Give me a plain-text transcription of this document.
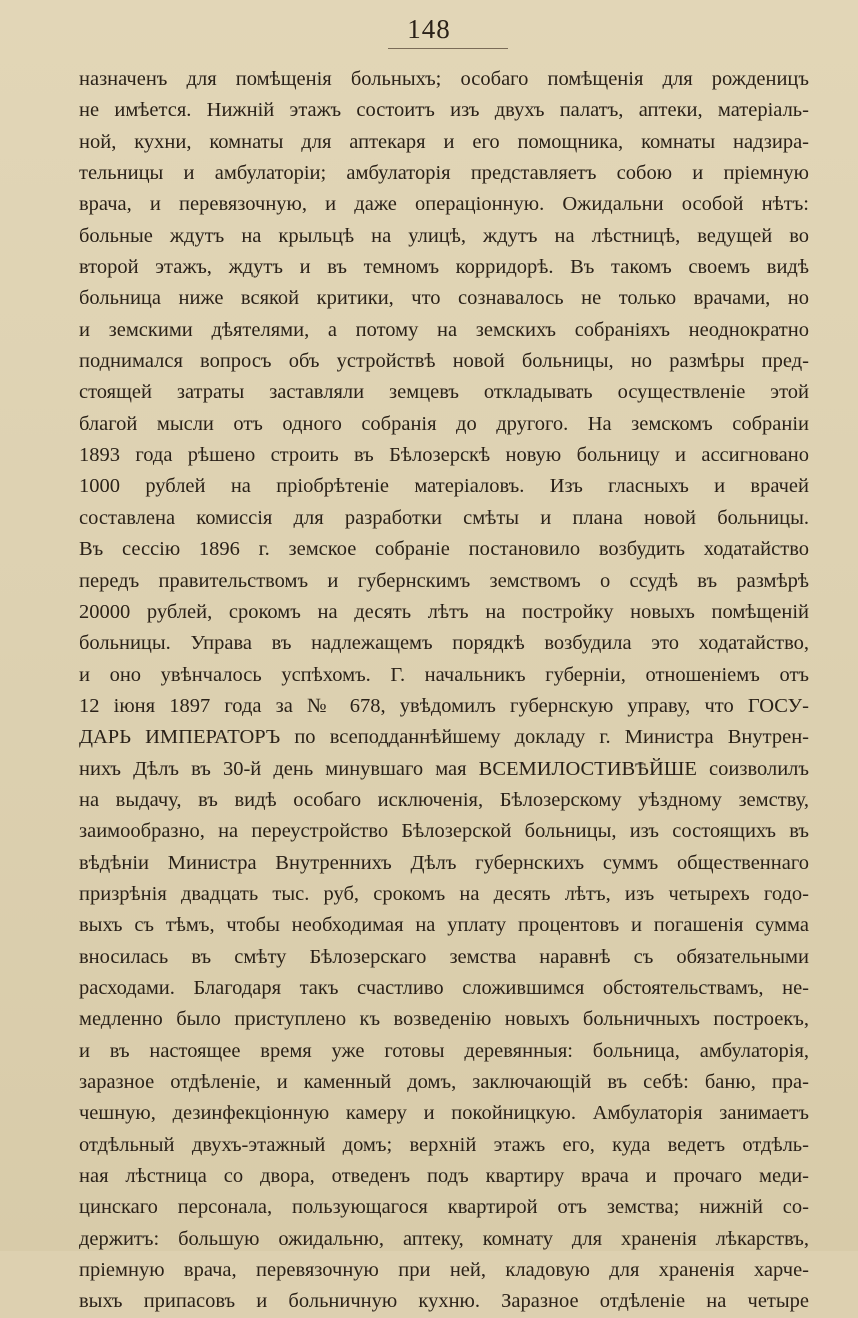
148
назначенъ для помѣщенія больныхъ; особаго помѣщенія для рожденицъ
не имѣется. Нижній этажъ состоитъ изъ двухъ палатъ, аптеки, матеріаль-
ной, кухни, комнаты для аптекаря и его помощника, комнаты надзира-
тельницы и амбулаторіи; амбулаторія представляетъ собою и пріемную
врача, и перевязочную, и даже операціонную. Ожидальни особой нѣтъ:
больные ждутъ на крыльцѣ на улицѣ, ждутъ на лѣстницѣ, ведущей во
второй этажъ, ждутъ и въ темномъ корридорѣ. Въ такомъ своемъ видѣ
больница ниже всякой критики, что сознавалось не только врачами, но
и земскими дѣятелями, а потому на земскихъ собраніяхъ неоднократно
поднимался вопросъ объ устройствѣ новой больницы, но размѣры пред-
стоящей затраты заставляли земцевъ откладывать осуществленіе этой
благой мысли отъ одного собранія до другого. На земскомъ собраніи
1893 года рѣшено строить въ Бѣлозерскѣ новую больницу и ассигновано
1000 рублей на пріобрѣтеніе матеріаловъ. Изъ гласныхъ и врачей
составлена комиссія для разработки смѣты и плана новой больницы.
Въ сессію 1896 г. земское собраніе постановило возбудить ходатайство
передъ правительствомъ и губернскимъ земствомъ о ссудѣ въ размѣрѣ
20000 рублей, срокомъ на десять лѣтъ на постройку новыхъ помѣщеній
больницы. Управа въ надлежащемъ порядкѣ возбудила это ходатайство,
и оно увѣнчалось успѣхомъ. Г. начальникъ губерніи, отношеніемъ отъ
12 іюня 1897 года за № 678, увѣдомилъ губернскую управу, что ГОСУ-
ДАРЬ ИМПЕРАТОРЪ по всеподданнѣйшему докладу г. Министра Внутрен-
нихъ Дѣлъ въ 30-й день минувшаго мая ВСЕМИЛОСТИВѢЙШЕ соизволилъ
на выдачу, въ видѣ особаго исключенія, Бѣлозерскому уѣздному земству,
заимообразно, на переустройство Бѣлозерской больницы, изъ состоящихъ въ
вѣдѣніи Министра Внутреннихъ Дѣлъ губернскихъ суммъ общественнаго
призрѣнія двадцать тыс. руб, срокомъ на десять лѣтъ, изъ четырехъ годо-
выхъ съ тѣмъ, чтобы необходимая на уплату процентовъ и погашенія сумма
вносилась въ смѣту Бѣлозерскаго земства наравнѣ съ обязательными
расходами. Благодаря такъ счастливо сложившимся обстоятельствамъ, не-
медленно было приступлено къ возведенію новыхъ больничныхъ построекъ,
и въ настоящее время уже готовы деревянныя: больница, амбулаторія,
заразное отдѣленіе, и каменный домъ, заключающій въ себѣ: баню, пра-
чешную, дезинфекціонную камеру и покойницкую. Амбулаторія занимаетъ
отдѣльный двухъ-этажный домъ; верхній этажъ его, куда ведетъ отдѣль-
ная лѣстница со двора, отведенъ подъ квартиру врача и прочаго меди-
цинскаго персонала, пользующагося квартирой отъ земства; нижній со-
держитъ: большую ожидальню, аптеку, комнату для храненія лѣкарствъ,
пріемную врача, перевязочную при ней, кладовую для храненія харче-
выхъ припасовъ и больничную кухню. Заразное отдѣленіе на четыре
